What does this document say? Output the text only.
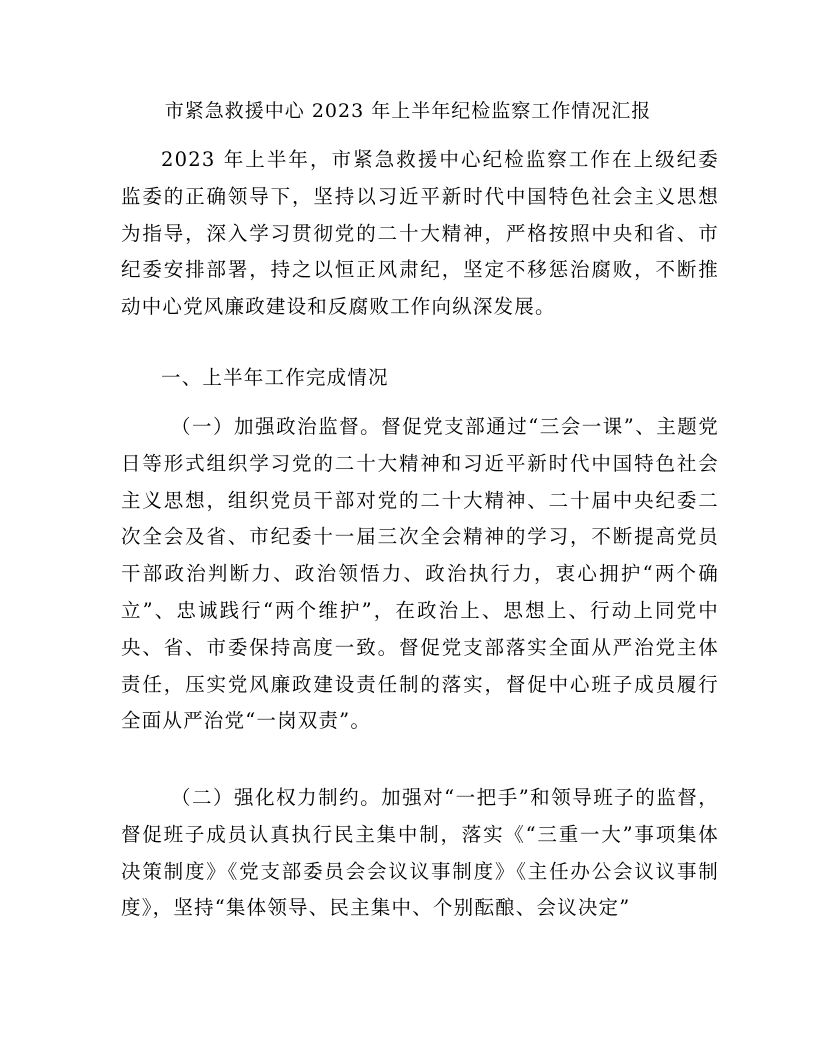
市紧急救援中心 2023 年上半年纪检监察工作情况汇报

2023 年上半年，市紧急救援中心纪检监察工作在上级纪委监委的正确领导下，坚持以习近平新时代中国特色社会主义思想为指导，深入学习贯彻党的二十大精神，严格按照中央和省、市纪委安排部署，持之以恒正风肃纪，坚定不移惩治腐败，不断推动中心党风廉政建设和反腐败工作向纵深发展。

一、上半年工作完成情况

（一）加强政治监督。督促党支部通过“三会一课”、主题党日等形式组织学习党的二十大精神和习近平新时代中国特色社会主义思想，组织党员干部对党的二十大精神、二十届中央纪委二次全会及省、市纪委十一届三次全会精神的学习，不断提高党员干部政治判断力、政治领悟力、政治执行力，衷心拥护“两个确立”、忠诚践行“两个维护”，在政治上、思想上、行动上同党中央、省、市委保持高度一致。督促党支部落实全面从严治党主体责任，压实党风廉政建设责任制的落实，督促中心班子成员履行全面从严治党“一岗双责”。

（二）强化权力制约。加强对“一把手”和领导班子的监督，督促班子成员认真执行民主集中制，落实《“三重一大”事项集体决策制度》《党支部委员会会议议事制度》《主任办公会议议事制度》，坚持“集体领导、民主集中、个别酝酿、会议决定”
